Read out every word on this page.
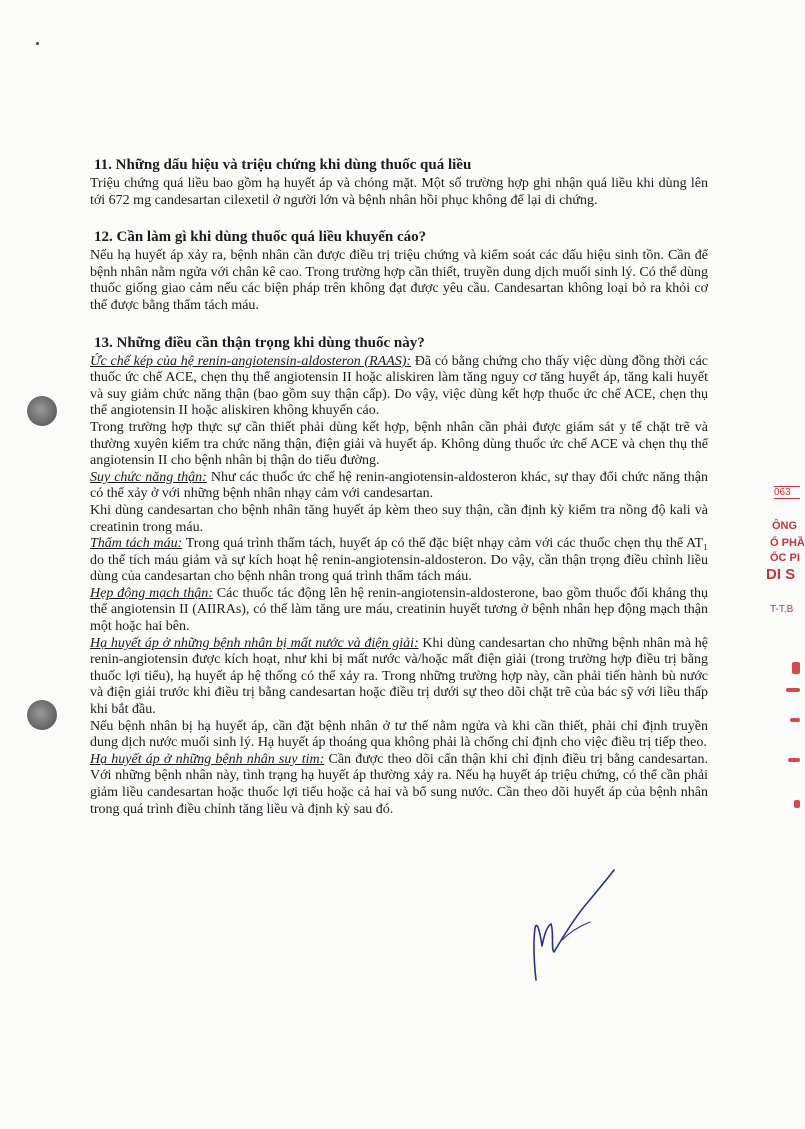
063
ÔNG
Ổ PHẦ
ỔC PI
DI S
T-T.B
11. Những dấu hiệu và triệu chứng khi dùng thuốc quá liều

Triệu chứng quá liều bao gồm hạ huyết áp và chóng mặt. Một số trường hợp ghi nhận quá liều khi dùng lên tới 672 mg candesartan cilexetil ở người lớn và bệnh nhân hồi phục không để lại di chứng.

12. Cần làm gì khi dùng thuốc quá liều khuyến cáo?

Nếu hạ huyết áp xảy ra, bệnh nhân cần được điều trị triệu chứng và kiểm soát các dấu hiệu sinh tồn. Cần để bệnh nhân nằm ngửa với chân kê cao. Trong trường hợp cần thiết, truyền dung dịch muối sinh lý. Có thể dùng thuốc giống giao cảm nếu các biện pháp trên không đạt được yêu cầu. Candesartan không loại bỏ ra khỏi cơ thể được bằng thẩm tách máu.

13. Những điều cần thận trọng khi dùng thuốc này?

Ức chế kép của hệ renin-angiotensin-aldosteron (RAAS): Đã có bằng chứng cho thấy việc dùng đồng thời các thuốc ức chế ACE, chẹn thụ thể angiotensin II hoặc aliskiren làm tăng nguy cơ tăng huyết áp, tăng kali huyết và suy giảm chức năng thận (bao gồm suy thận cấp). Do vậy, việc dùng kết hợp thuốc ức chế ACE, chẹn thụ thể angiotensin II hoặc aliskiren không khuyến cáo.

Trong trường hợp thực sự cần thiết phải dùng kết hợp, bệnh nhân cần phải được giám sát y tế chặt trẽ và thường xuyên kiểm tra chức năng thận, điện giải và huyết áp. Không dùng thuốc ức chế ACE và chẹn thụ thể angiotensin II cho bệnh nhân bị thận do tiểu đường.

Suy chức năng thận: Như các thuốc ức chế hệ renin-angiotensin-aldosteron khác, sự thay đổi chức năng thận có thể xảy ở với những bệnh nhân nhạy cảm với candesartan.

Khi dùng candesartan cho bệnh nhân tăng huyết áp kèm theo suy thận, cần định kỳ kiểm tra nồng độ kali và creatinin trong máu.

Thẩm tách máu: Trong quá trình thẩm tách, huyết áp có thể đặc biệt nhạy cảm với các thuốc chẹn thụ thể AT₁ do thể tích máu giảm và sự kích hoạt hệ renin-angiotensin-aldosteron. Do vậy, cần thận trọng điều chỉnh liều dùng của candesartan cho bệnh nhân trong quá trình thẩm tách máu.

Hẹp động mạch thận: Các thuốc tác động lên hệ renin-angiotensin-aldosterone, bao gồm thuốc đối kháng thụ thể angiotensin II (AIIRAs), có thể làm tăng ure máu, creatinin huyết tương ở bệnh nhân hẹp động mạch thận một hoặc hai bên.

Hạ huyết áp ở những bệnh nhân bị mất nước và điện giải: Khi dùng candesartan cho những bệnh nhân mà hệ renin-angiotensin được kích hoạt, như khi bị mất nước và/hoặc mất điện giải (trong trường hợp điều trị bằng thuốc lợi tiểu), hạ huyết áp hệ thống có thể xảy ra. Trong những trường hợp này, cần phải tiến hành bù nước và điện giải trước khi điều trị bằng candesartan hoặc điều trị dưới sự theo dõi chặt trẽ của bác sỹ với liều thấp khi bắt đầu.

Nếu bệnh nhân bị hạ huyết áp, cần đặt bệnh nhân ở tư thế nằm ngửa và khi cần thiết, phải chỉ định truyền dung dịch nước muối sinh lý. Hạ huyết áp thoáng qua không phải là chống chỉ định cho việc điều trị tiếp theo.

Hạ huyết áp ở những bệnh nhân suy tim: Cần được theo dõi cẩn thận khi chỉ định điều trị bằng candesartan. Với những bệnh nhân này, tình trạng hạ huyết áp thường xảy ra. Nếu hạ huyết áp triệu chứng, có thể cần phải giảm liều candesartan hoặc thuốc lợi tiểu hoặc cả hai và bổ sung nước. Cần theo dõi huyết áp của bệnh nhân trong quá trình điều chỉnh tăng liều và định kỳ sau đó.
